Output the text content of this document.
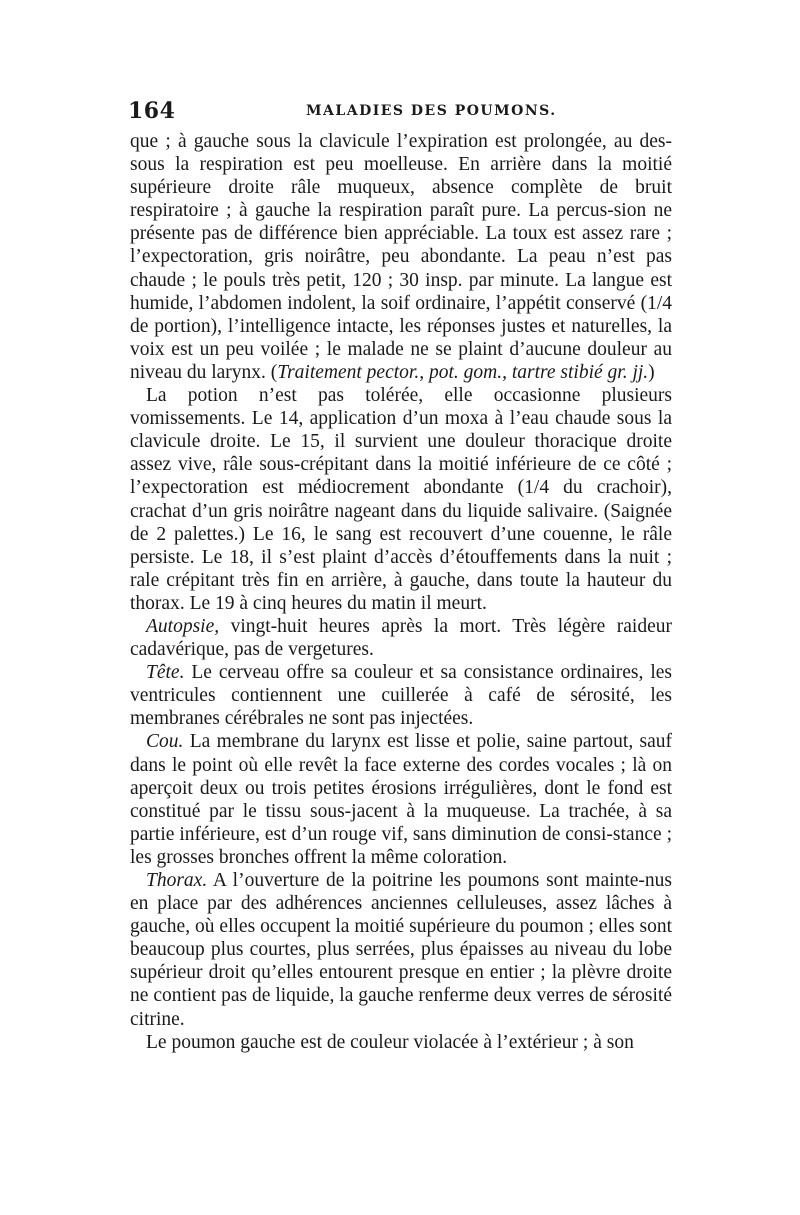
164	MALADIES DES POUMONS.

que ; à gauche sous la clavicule l’expiration est prolongée, au des-sous la respiration est peu moelleuse. En arrière dans la moitié supérieure droite râle muqueux, absence complète de bruit respiratoire ; à gauche la respiration paraît pure. La percus-sion ne présente pas de différence bien appréciable. La toux est assez rare ; l’expectoration, gris noirâtre, peu abondante. La peau n’est pas chaude ; le pouls très petit, 120 ; 30 insp. par minute. La langue est humide, l’abdomen indolent, la soif ordinaire, l’appétit conservé (1/4 de portion), l’intelligence intacte, les réponses justes et naturelles, la voix est un peu voilée ; le malade ne se plaint d’aucune douleur au niveau du larynx. (Traitement pector., pot. gom., tartre stibié gr. jj.)

La potion n’est pas tolérée, elle occasionne plusieurs vomissements. Le 14, application d’un moxa à l’eau chaude sous la clavicule droite. Le 15, il survient une douleur thoracique droite assez vive, râle sous-crépitant dans la moitié inférieure de ce côté ; l’expectoration est médiocrement abondante (1/4 du crachoir), crachat d’un gris noirâtre nageant dans du liquide salivaire. (Saignée de 2 palettes.) Le 16, le sang est recouvert d’une couenne, le râle persiste. Le 18, il s’est plaint d’accès d’étouffements dans la nuit ; rale crépitant très fin en arrière, à gauche, dans toute la hauteur du thorax. Le 19 à cinq heures du matin il meurt.

Autopsie, vingt-huit heures après la mort. Très légère raideur cadavérique, pas de vergetures.

Tête. Le cerveau offre sa couleur et sa consistance ordinaires, les ventricules contiennent une cuillerée à café de sérosité, les membranes cérébrales ne sont pas injectées.

Cou. La membrane du larynx est lisse et polie, saine partout, sauf dans le point où elle revêt la face externe des cordes vocales ; là on aperçoit deux ou trois petites érosions irrégulières, dont le fond est constitué par le tissu sous-jacent à la muqueuse. La trachée, à sa partie inférieure, est d’un rouge vif, sans diminution de consi-stance ; les grosses bronches offrent la même coloration.

Thorax. A l’ouverture de la poitrine les poumons sont mainte-nus en place par des adhérences anciennes celluleuses, assez lâches à gauche, où elles occupent la moitié supérieure du poumon ; elles sont beaucoup plus courtes, plus serrées, plus épaisses au niveau du lobe supérieur droit qu’elles entourent presque en entier ; la plèvre droite ne contient pas de liquide, la gauche renferme deux verres de sérosité citrine.

Le poumon gauche est de couleur violacée à l’extérieur ; à son
